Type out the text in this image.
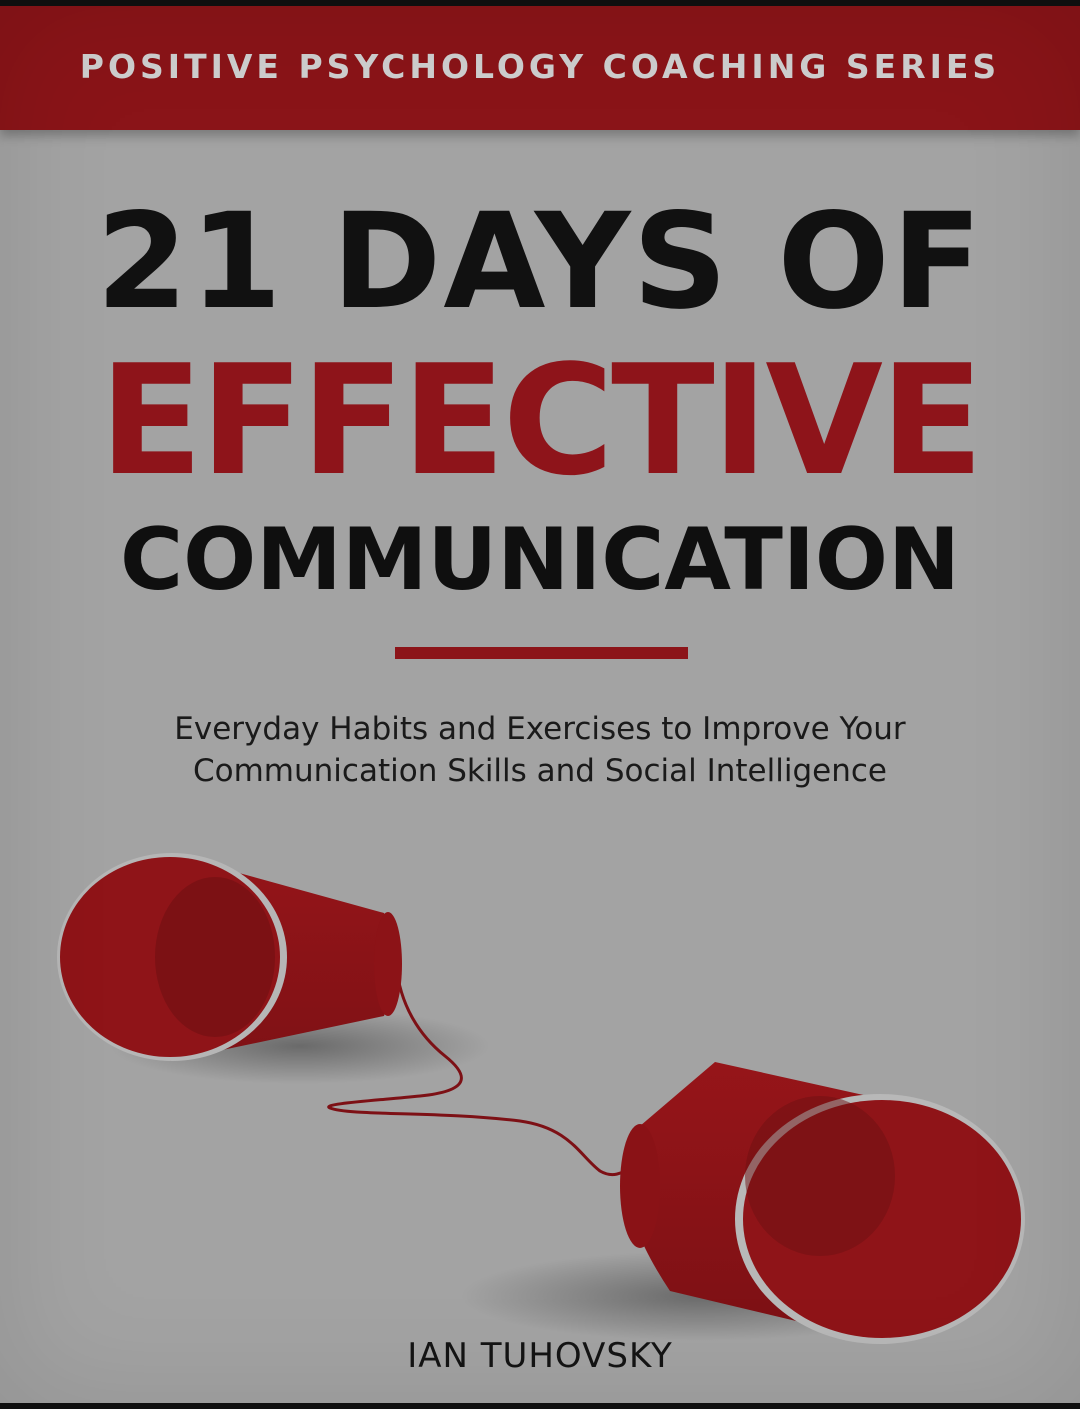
POSITIVE PSYCHOLOGY COACHING SERIES
21 DAYS OF
EFFECTIVE
COMMUNICATION
Everyday Habits and Exercises to Improve Your
Communication Skills and Social Intelligence
IAN TUHOVSKY
